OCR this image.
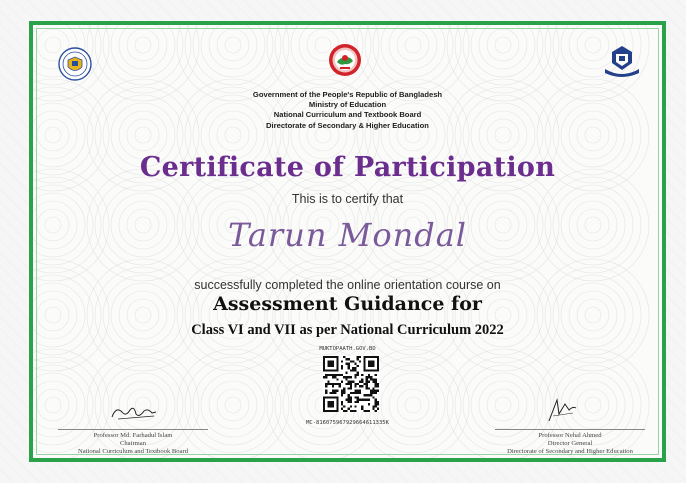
Government of the People's Republic of Bangladesh
Ministry of Education
National Curriculum and Textbook Board
Directorate of Secondary & Higher Education
Certificate of Participation
This is to certify that
Tarun Mondal
successfully completed the online orientation course on
Assessment Guidance for
Class VI and VII as per National Curriculum 2022
MUKTOPAATH.GOV.BD
MC-816075967929664611335K
Professor Md. Farhadul Islam
Chairman
National Curriculum and Textbook Board
Professor Nehal Ahmed
Director General
Directorate of Secondary and Higher Education
